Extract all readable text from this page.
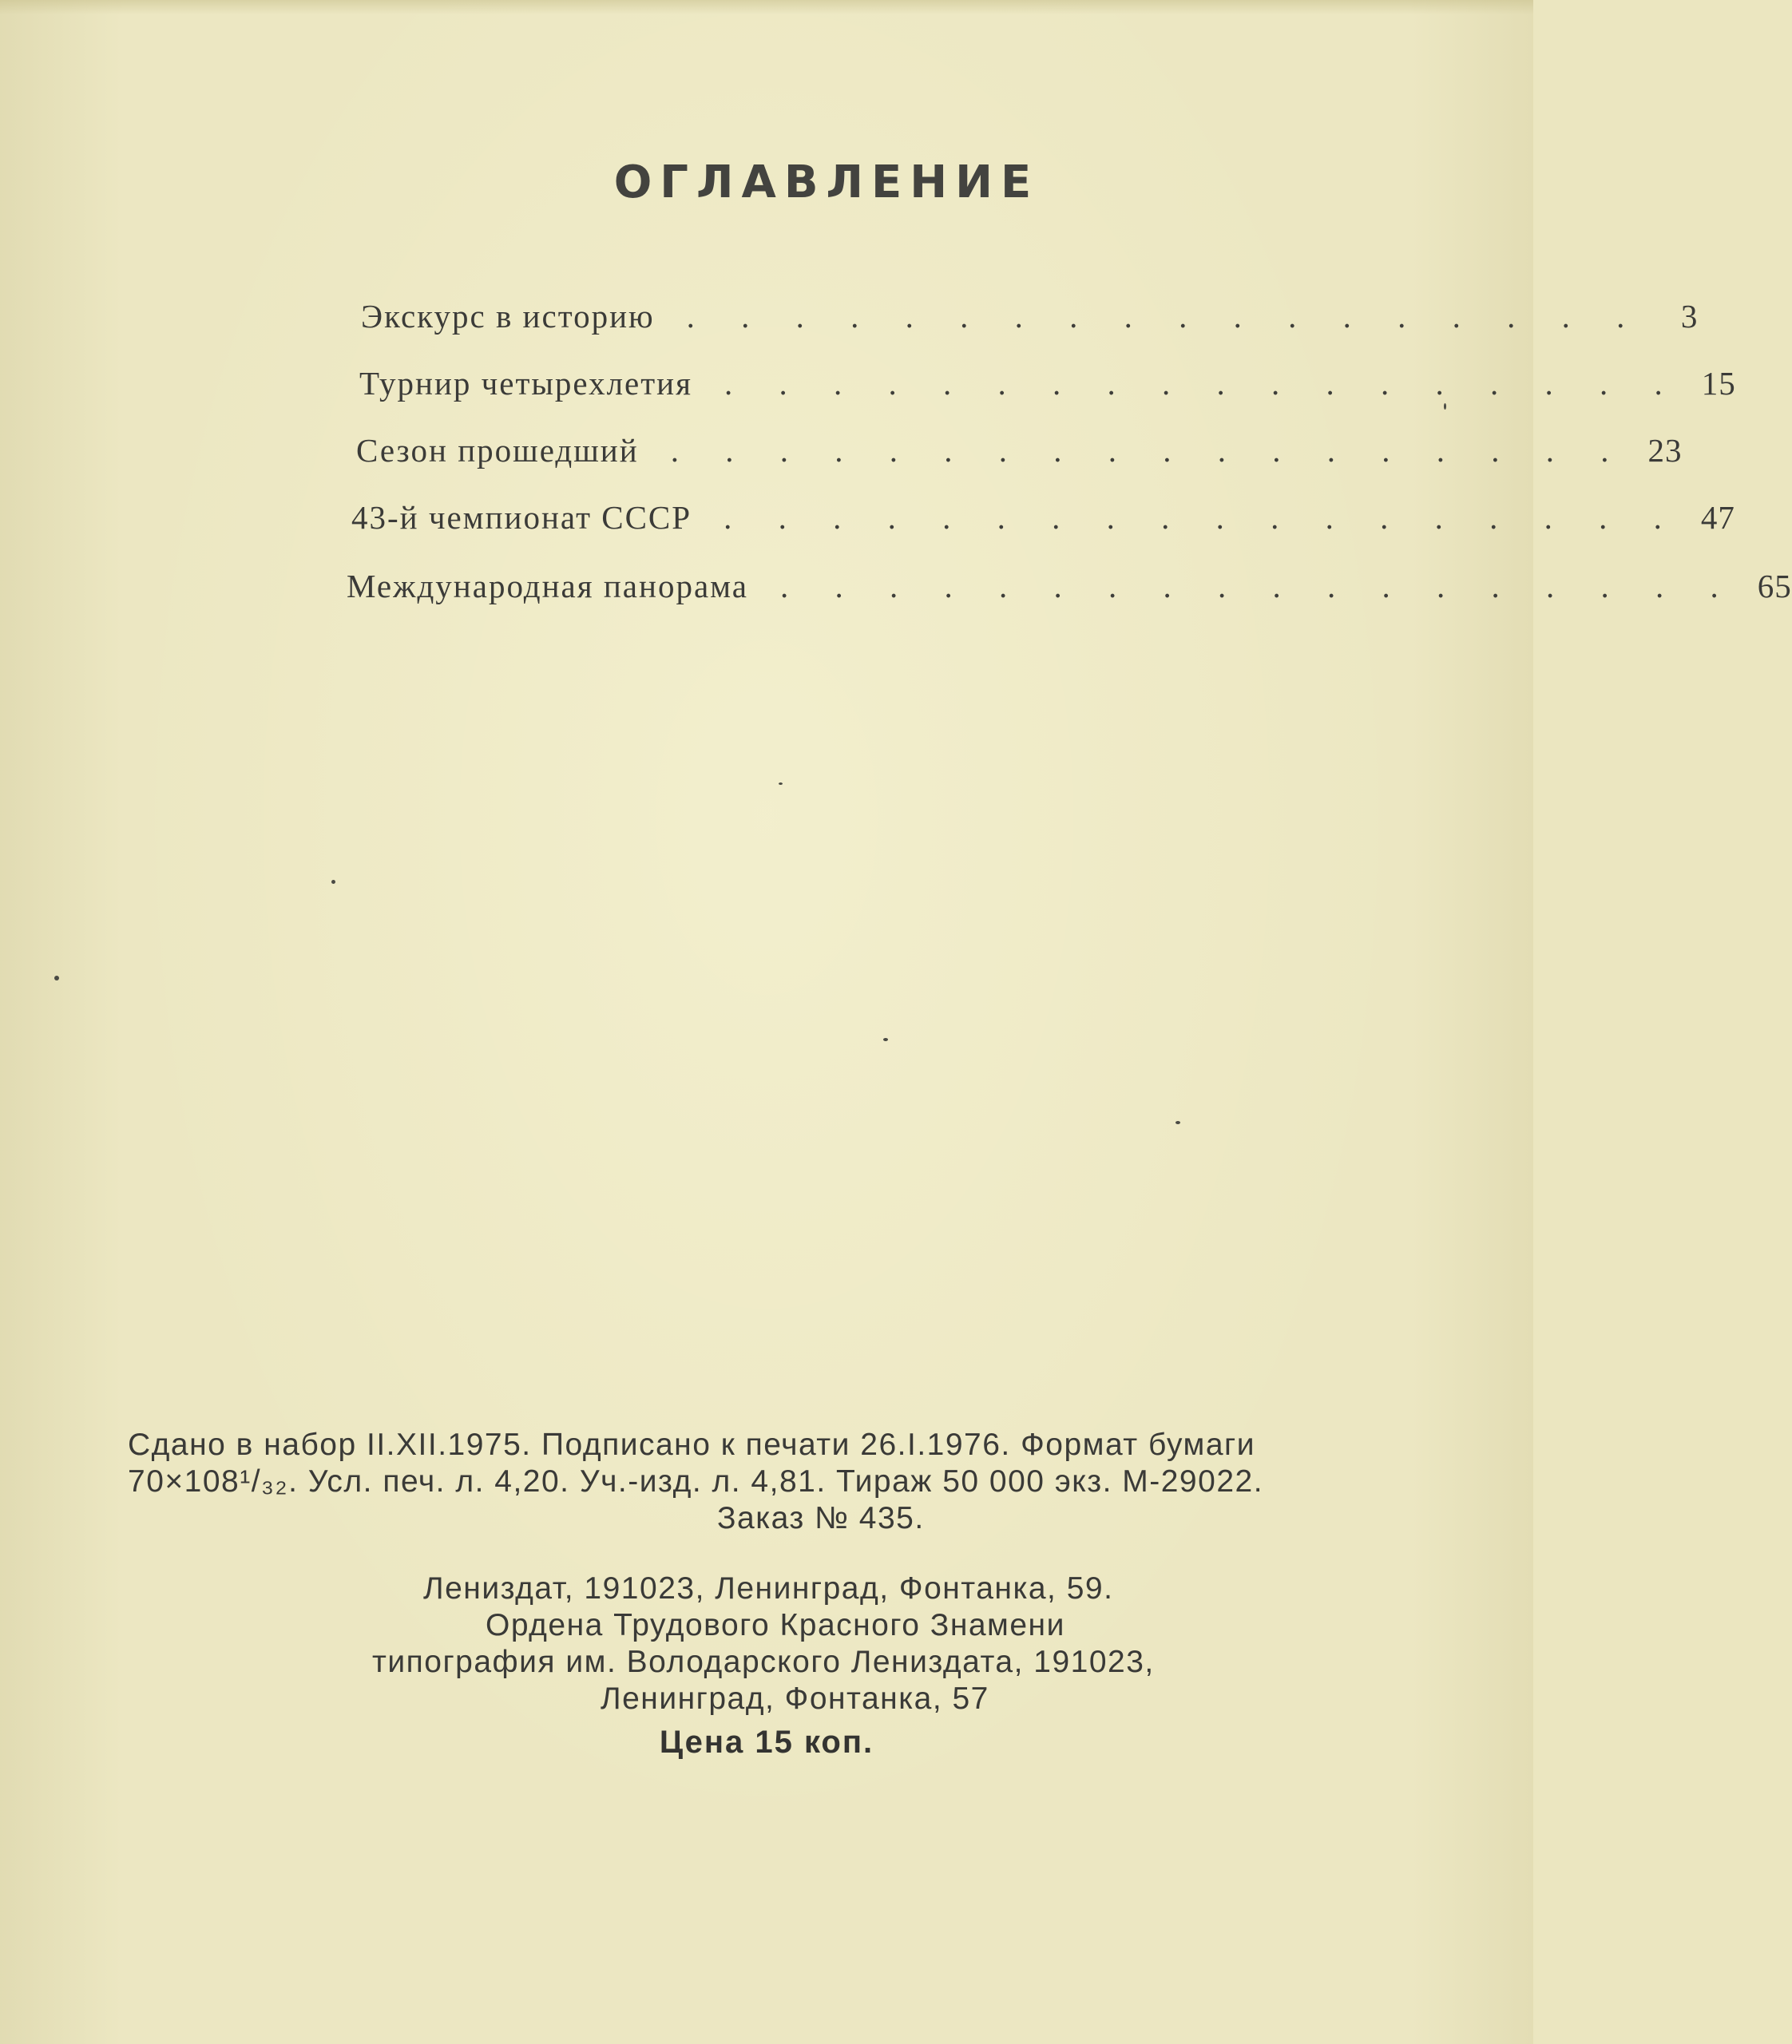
ОГЛАВЛЕНИЕ
Экскурс в историю . . . . . . . . . . . . . . . . . .	3
Турнир четырехлетия . . . . . . . . . . . . . . . . . . 15
Сезон прошедший . . . . . . . . . . . . . . . . . . 23
43-й чемпионат СССР . . . . . . . . . . . . . . . . . . 47
Международная панорама . . . . . . . . . . . . . . . . . . 65
Сдано в набор II.XII.1975. Подписано к печати 26.I.1976. Формат бумаги
70×108¹/₃₂. Усл. печ. л. 4,20. Уч.-изд. л. 4,81. Тираж 50 000 экз. М-29022.
Заказ № 435.
Лениздат, 191023, Ленинград, Фонтанка, 59.
Ордена Трудового Красного Знамени
типография им. Володарского Лениздата, 191023,
Ленинград, Фонтанка, 57
Цена 15 коп.
